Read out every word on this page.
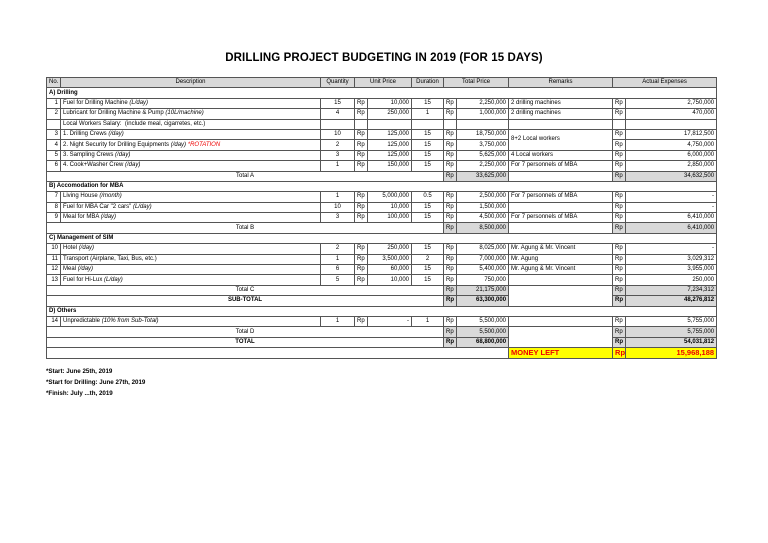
DRILLING PROJECT BUDGETING IN 2019 (FOR 15 DAYS)
No.	Description	Quantity	Unit Price		Duration	Total Price		Remarks	Actual Expenses	
A) Drilling										
1	Fuel for Drilling Machine (L/day)	15	Rp	10,000	15	Rp	2,250,000	2 drilling machines	Rp	2,750,000
2	Lubricant for Drilling Machine & Pump (10L/machine)	4	Rp	250,000	1	Rp	1,000,000	2 drilling machines	Rp	470,000
	Local Workers Salary: (include meal, cigarretes, etc.)									
3	1. Drilling Crews (/day)	10	Rp	125,000	15	Rp	18,750,000	8+2 Local workers	Rp	17,812,500
4	2. Night Security for Drilling Equipments (/day) *ROTATION	2	Rp	125,000	15	Rp	3,750,000		Rp	4,750,000
5	3. Sampling Crews (/day)	3	Rp	125,000	15	Rp	5,625,000	4 Local workers	Rp	6,000,000
6	4. Cook+Washer Crew (/day)	1	Rp	150,000	15	Rp	2,250,000	For 7 personnels of MBA	Rp	2,850,000
Total A						Rp	33,625,000		Rp	34,632,500
B) Accomodation for MBA										
7	Living House (/month)	1	Rp	5,000,000	0.5	Rp	2,500,000	For 7 personnels of MBA	Rp	-
8	Fuel for MBA Car "2 cars" (L/day)	10	Rp	10,000	15	Rp	1,500,000		Rp	-
9	Meal for MBA (/day)	3	Rp	100,000	15	Rp	4,500,000	For 7 personnels of MBA	Rp	6,410,000
Total B						Rp	8,500,000		Rp	6,410,000
C) Management of SIM										
10	Hotel (/day)	2	Rp	250,000	15	Rp	8,025,000	Mr. Agung & Mr. Vincent	Rp	-
11	Transport (Airplane, Taxi, Bus, etc.)	1	Rp	3,500,000	2	Rp	7,000,000	Mr. Agung	Rp	3,029,312
12	Meal (/day)	6	Rp	60,000	15	Rp	5,400,000	Mr. Agung & Mr. Vincent	Rp	3,955,000
13	Fuel for Hi-Lux (L/day)	5	Rp	10,000	15	Rp	750,000		Rp	250,000
Total C						Rp	21,175,000		Rp	7,234,312
SUB-TOTAL						Rp	63,300,000		Rp	48,276,812
D) Others										
14	Unpredictable (10% from Sub-Total)	1	Rp	-	1	Rp	5,500,000		Rp	5,755,000
Total D						Rp	5,500,000		Rp	5,755,000
TOTAL						Rp	68,800,000		Rp	54,031,812
								MONEY LEFT	Rp	15,968,188
*Start: June 25th, 2019
*Start for Drilling: June 27th, 2019
*Finish: July ...th, 2019
